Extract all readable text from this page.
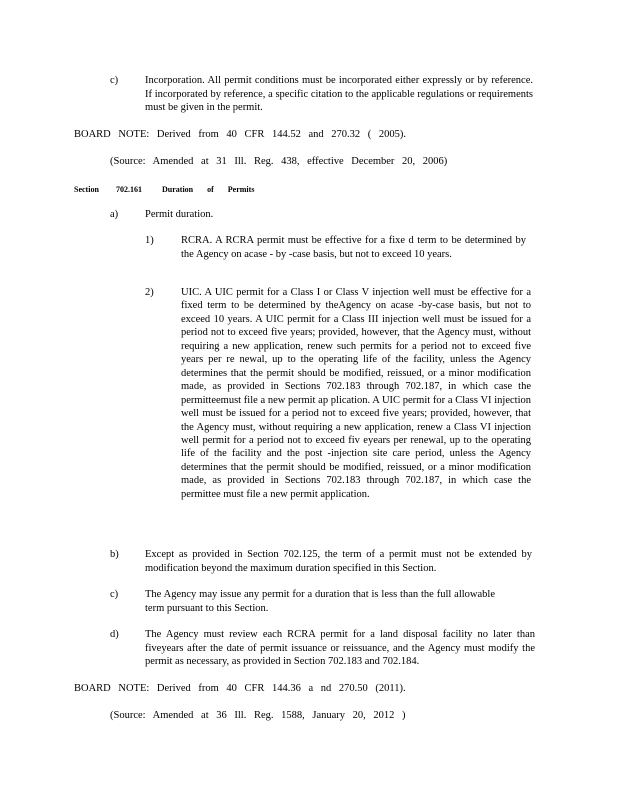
c)	Incorporation. All permit conditions must be incorporated either expressly or by reference. If incorporated by reference, a specific citation to the applicable regulations or requirements must be given in the permit.
BOARD NOTE: Derived from 40 CFR 144.52 and 270.32 ( 2005).
(Source: Amended at 31 Ill. Reg. 438, effective December 20, 2006)
Section 702.161	Duration of Permits
a)	Permit duration.
1)	RCRA. A RCRA permit must be effective for a fixe d term to be determined by the Agency on acase - by -case basis, but not to exceed 10 years.
2)	UIC. A UIC permit for a Class I or Class V injection well must be effective for a fixed term to be determined by theAgency on acase -by-case basis, but not to exceed 10 years. A UIC permit for a Class III injection well must be issued for a period not to exceed five years; provided, however, that the Agency must, without requiring a new application, renew such permits for a period not to exceed five years per re newal, up to the operating life of the facility, unless the Agency determines that the permit should be modified, reissued, or a minor modification made, as provided in Sections 702.183 through 702.187, in which case the permitteemust file a new permit ap plication. A UIC permit for a Class VI injection well must be issued for a period not to exceed five years; provided, however, that the Agency must, without requiring a new application, renew a Class VI injection well permit for a period not to exceed fiv eyears per renewal, up to the operating life of the facility and the post -injection site care period, unless the Agency determines that the permit should be modified, reissued, or a minor modification made, as provided in Sections 702.183 through 702.187, in which case the permittee must file a new permit application.
b)	Except as provided in Section 702.125, the term of a permit must not be extended by modification beyond the maximum duration specified in this Section.
c)	The Agency may issue any permit for a duration that is less than the full allowable term pursuant to this Section.
d)	The Agency must review each RCRA permit for a land disposal facility no later than fiveyears after the date of permit issuance or reissuance, and the Agency must modify the permit as necessary, as provided in Section 702.183 and 702.184.
BOARD NOTE: Derived from 40 CFR 144.36 a nd 270.50 (2011).
(Source: Amended at 36 Ill. Reg. 1588, January 20, 2012 )
